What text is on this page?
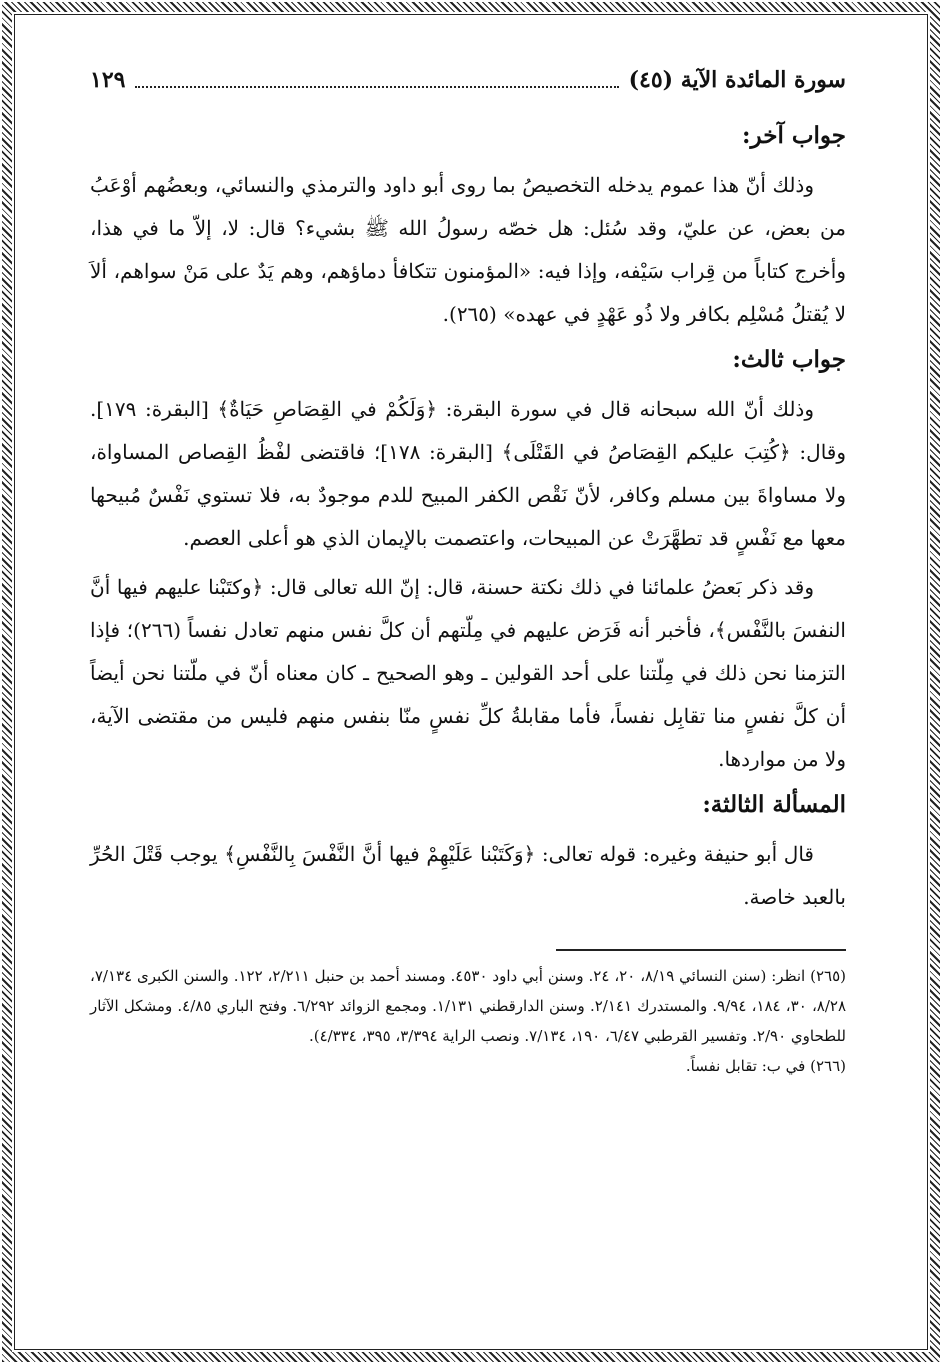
سورة المائدة الآية (٤٥)
١٢٩
جواب آخر:

وذلك أنّ هذا عموم يدخله التخصيصُ بما روى أبو داود والترمذي والنسائي، وبعضُهم أوْعَبُ من بعض، عن عليّ، وقد سُئل: هل خصّه رسولُ الله ﷺ بشيء؟ قال: لا، إلاّ ما في هذا، وأخرج كتاباً من قِراب سَيْفه، وإذا فيه: «المؤمنون تتكافأ دماؤهم، وهم يَدٌ على مَنْ سواهم، ألاَ لا يُقتلُ مُسْلِم بكافر ولا ذُو عَهْدٍ في عهده» (٢٦٥).

جواب ثالث:

وذلك أنّ الله سبحانه قال في سورة البقرة: ﴿وَلَكُمْ في القِصَاصِ حَيَاةٌ﴾ [البقرة: ١٧٩]. وقال: ﴿كُتِبَ عليكم القِصَاصُ في القَتْلَى﴾ [البقرة: ١٧٨]؛ فاقتضى لفْظُ القِصاص المساواة، ولا مساواةَ بين مسلم وكافر، لأنّ نَقْص الكفر المبيح للدم موجودٌ به، فلا تستوي نَفْسٌ مُبيحها معها مع نَفْسٍ قد تطهَّرَتْ عن المبيحات، واعتصمت بالإيمان الذي هو أعلى العصم.

وقد ذكر بَعضُ علمائنا في ذلك نكتة حسنة، قال: إنّ الله تعالى قال: ﴿وكتَبْنا عليهم فيها أنَّ النفسَ بالنَّفْس﴾، فأخبر أنه فَرَض عليهم في مِلّتهم أن كلَّ نفس منهم تعادل نفساً (٢٦٦)؛ فإذا التزمنا نحن ذلك في مِلّتنا على أحد القولين ـ وهو الصحيح ـ كان معناه أنّ في ملّتنا نحن أيضاً أن كلَّ نفسٍ منا تقابِل نفساً، فأما مقابلةُ كلِّ نفسٍ منّا بنفس منهم فليس من مقتضى الآية، ولا من مواردها.

المسألة الثالثة:

قال أبو حنيفة وغيره: قوله تعالى: ﴿وَكَتَبْنا عَلَيْهِمْ فيها أنَّ النَّفْسَ بِالنَّفْسِ﴾ يوجب قَتْلَ الحُرِّ بالعبد خاصة.

(٢٦٥) انظر: (سنن النسائي ٨/١٩، ٢٠، ٢٤. وسنن أبي داود ٤٥٣٠. ومسند أحمد بن حنبل ٢/٢١١، ١٢٢. والسنن الكبرى ٧/١٣٤، ٨/٢٨، ٣٠، ١٨٤، ٩/٩٤. والمستدرك ٢/١٤١. وسنن الدارقطني ١/١٣١. ومجمع الزوائد ٦/٢٩٢. وفتح الباري ٤/٨٥. ومشكل الآثار للطحاوي ٢/٩٠. وتفسير القرطبي ٦/٤٧، ١٩٠، ٧/١٣٤. ونصب الراية ٣/٣٩٤، ٣٩٥، ٤/٣٣٤).

(٢٦٦) في ب: تقابل نفساً.
